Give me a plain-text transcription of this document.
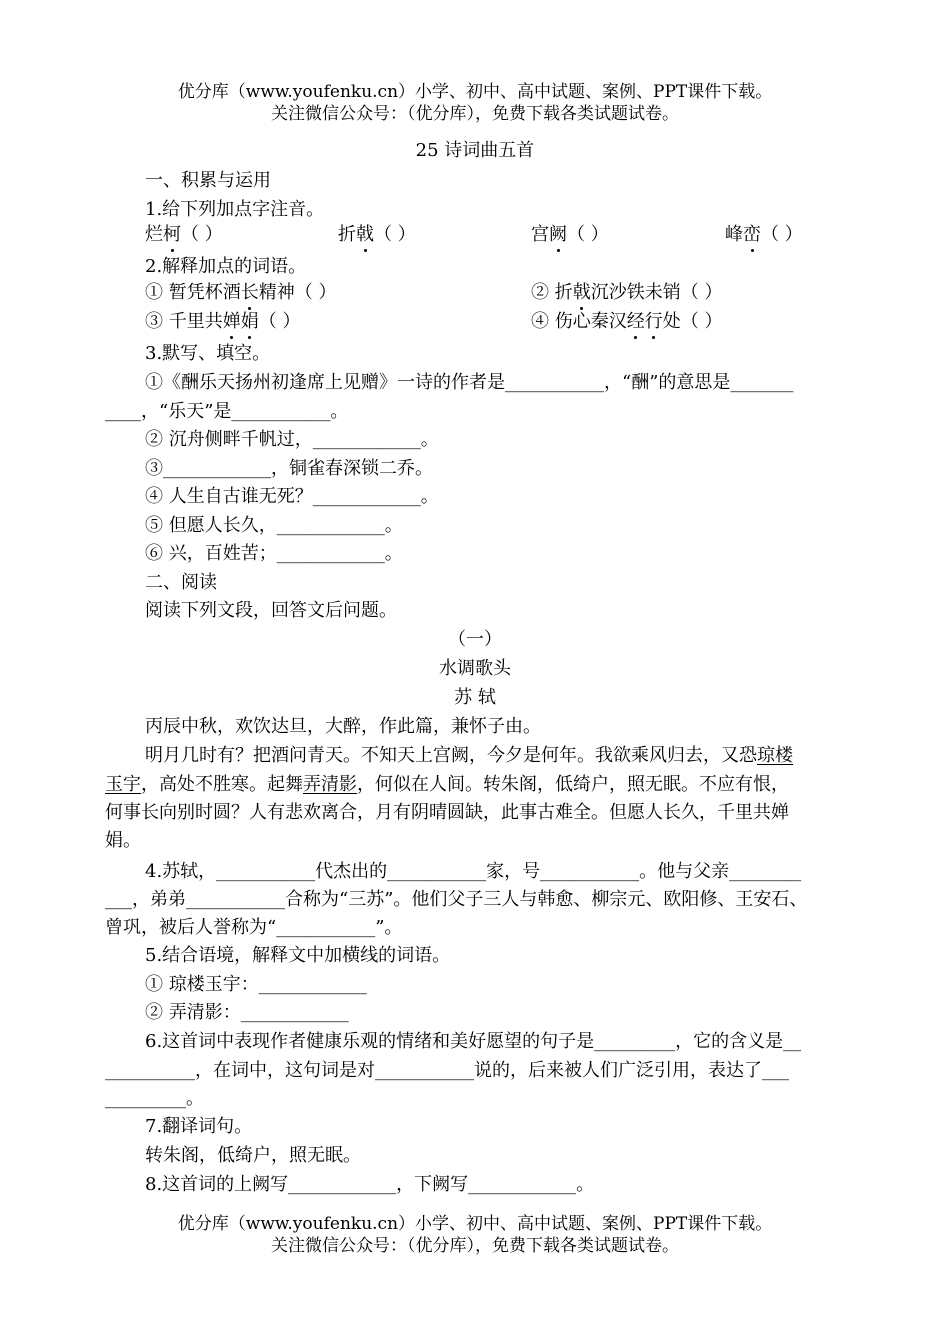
优分库（www.youfenku.cn）小学、初中、高中试题、案例、PPT课件下载。
关注微信公众号：（优分库），免费下载各类试题试卷。
25 诗词曲五首
一、积累与运用
1.给下列加点字注音。
烂柯（ ）	折戟（ ）	宫阙（ ）	峰峦（ ）
2.解释加点的词语。
① 暂凭杯酒长精神（ ）	② 折戟沉沙铁未销（ ）
③ 千里共婵娟（ ）	④ 伤心秦汉经行处（ ）
3.默写、填空。
①《酬乐天扬州初逢席上见赠》一诗的作者是___________，“酬”的意思是_______
____，“乐天”是___________。
② 沉舟侧畔千帆过，____________。
③____________，铜雀春深锁二乔。
④ 人生自古谁无死？____________。
⑤ 但愿人长久，____________。
⑥ 兴，百姓苦；____________。
二、阅读
阅读下列文段，回答文后问题。
（一）
水调歌头
苏 轼
丙辰中秋，欢饮达旦，大醉，作此篇，兼怀子由。
明月几时有？把酒问青天。不知天上宫阙，今夕是何年。我欲乘风归去，又恐琼楼
玉宇，高处不胜寒。起舞弄清影，何似在人间。转朱阁，低绮户，照无眠。不应有恨，
何事长向别时圆？人有悲欢离合，月有阴晴圆缺，此事古难全。但愿人长久，千里共婵
娟。
4.苏轼，___________代杰出的___________家，号___________。他与父亲________
___，弟弟___________合称为“三苏”。他们父子三人与韩愈、柳宗元、欧阳修、王安石、
曾巩，被后人誉称为“___________”。
5.结合语境，解释文中加横线的词语。
① 琼楼玉宇：____________
② 弄清影：____________
6.这首词中表现作者健康乐观的情绪和美好愿望的句子是_________，它的含义是__
__________，在词中，这句词是对___________说的，后来被人们广泛引用，表达了___
_________。
7.翻译词句。
转朱阁，低绮户，照无眠。
8.这首词的上阙写____________，下阙写____________。
优分库（www.youfenku.cn）小学、初中、高中试题、案例、PPT课件下载。
关注微信公众号：（优分库），免费下载各类试题试卷。
